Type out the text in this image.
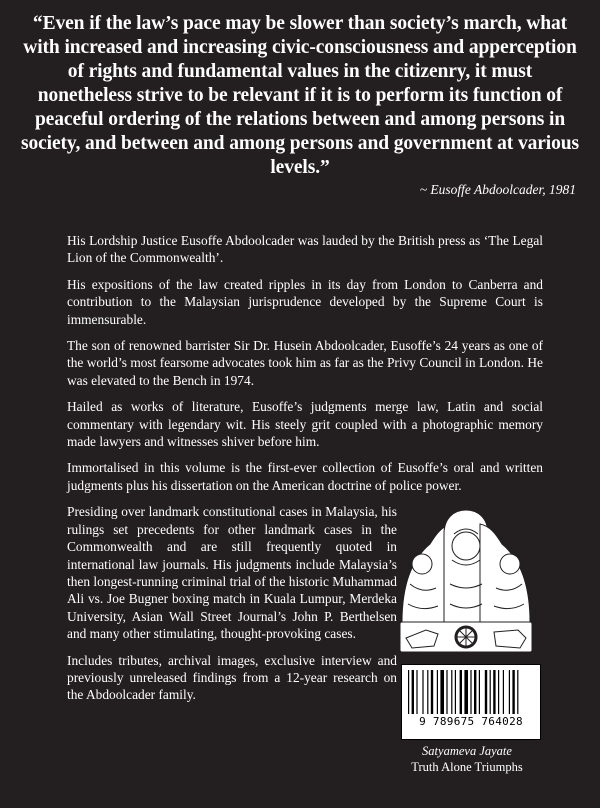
“Even if the law’s pace may be slower than society’s march, what with increased and increasing civic-consciousness and apperception of rights and fundamental values in the citizenry, it must nonetheless strive to be relevant if it is to perform its function of peaceful ordering of the relations between and among persons in society, and between and among persons and government at various levels.”

~ Eusoffe Abdoolcader, 1981

His Lordship Justice Eusoffe Abdoolcader was lauded by the British press as ‘The Legal Lion of the Commonwealth’.

His expositions of the law created ripples in its day from London to Canberra and contribution to the Malaysian jurisprudence developed by the Supreme Court is immensurable.

The son of renowned barrister Sir Dr. Husein Abdoolcader, Eusoffe’s 24 years as one of the world’s most fearsome advocates took him as far as the Privy Council in London. He was elevated to the Bench in 1974.

Hailed as works of literature, Eusoffe’s judgments merge law, Latin and social commentary with legendary wit. His steely grit coupled with a photographic memory made lawyers and witnesses shiver before him.

Immortalised in this volume is the first-ever collection of Eusoffe’s oral and written judgments plus his dissertation on the American doctrine of police power.

Presiding over landmark constitutional cases in Malaysia, his rulings set precedents for other landmark cases in the Commonwealth and are still frequently quoted in international law journals. His judgments include Malaysia’s then longest-running criminal trial of the historic Muhammad Ali vs. Joe Bugner boxing match in Kuala Lumpur, Merdeka University, Asian Wall Street Journal’s John P. Berthelsen and many other stimulating, thought-provoking cases.

Includes tributes, archival images, exclusive interview and previously unreleased findings from a 12-year research on the Abdoolcader family.

9 789675 764028
Satyameva Jayate
Truth Alone Triumphs
